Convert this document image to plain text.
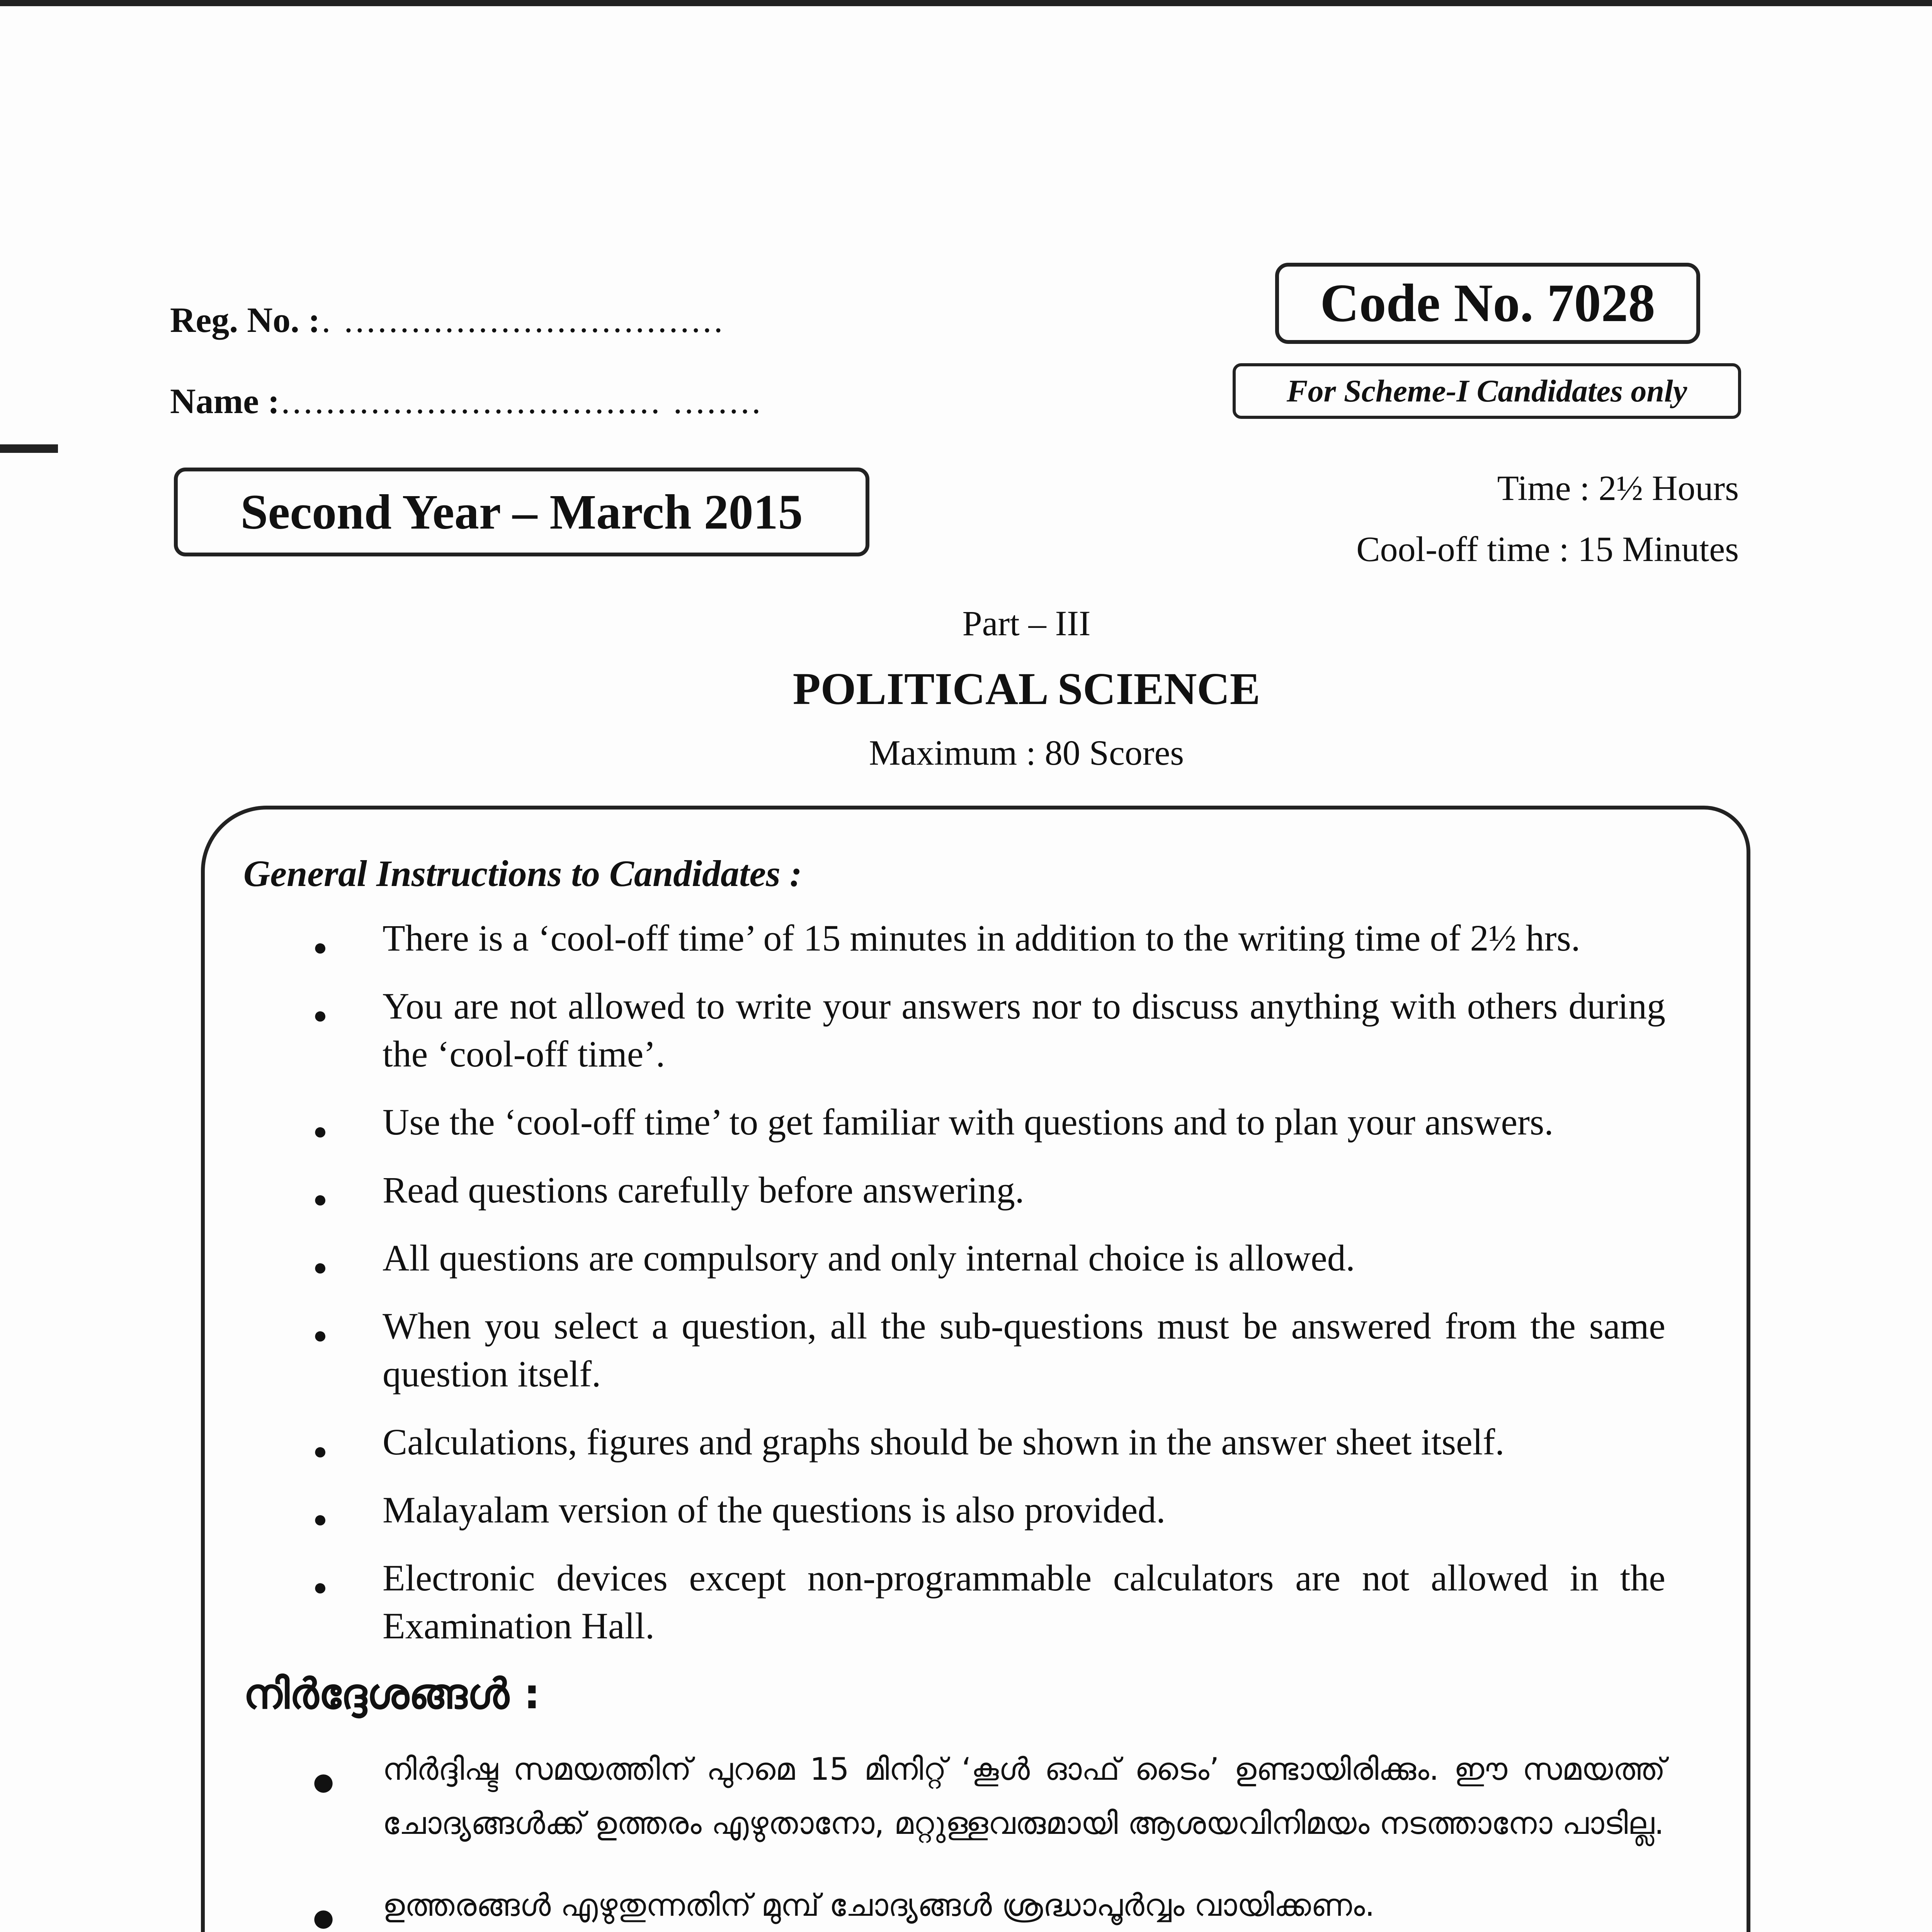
Reg. No. : . ..................................
Name : .................................. ........
Code No. 7028
For Scheme-I Candidates only
Second Year – March 2015	Time : 2½ Hours
Cool-off time : 15 Minutes
Part – III
POLITICAL SCIENCE
Maximum : 80 Scores
General Instructions to Candidates :
● There is a ‘cool-off time’ of 15 minutes in addition to the writing time of 2½ hrs.
● You are not allowed to write your answers nor to discuss anything with others during the ‘cool-off time’.
● Use the ‘cool-off time’ to get familiar with questions and to plan your answers.
● Read questions carefully before answering.
● All questions are compulsory and only internal choice is allowed.
● When you select a question, all the sub-questions must be answered from the same question itself.
● Calculations, figures and graphs should be shown in the answer sheet itself.
● Malayalam version of the questions is also provided.
● Electronic devices except non-programmable calculators are not allowed in the Examination Hall.
നിർദ്ദേശങ്ങൾ :
● നിർദ്ദിഷ്ട സമയത്തിന് പുറമെ 15 മിനിറ്റ് ‘കൂൾ ഓഫ് ടൈം’ ഉണ്ടായിരിക്കും. ഈ സമയത്ത് ചോദ്യങ്ങൾക്ക് ഉത്തരം എഴുതാനോ, മറ്റുള്ളവരുമായി ആശയവിനിമയം നടത്താനോ പാടില്ല.
● ഉത്തരങ്ങൾ എഴുതുന്നതിന് മുമ്പ് ചോദ്യങ്ങൾ ശ്രദ്ധാപൂർവ്വം വായിക്കണം.
